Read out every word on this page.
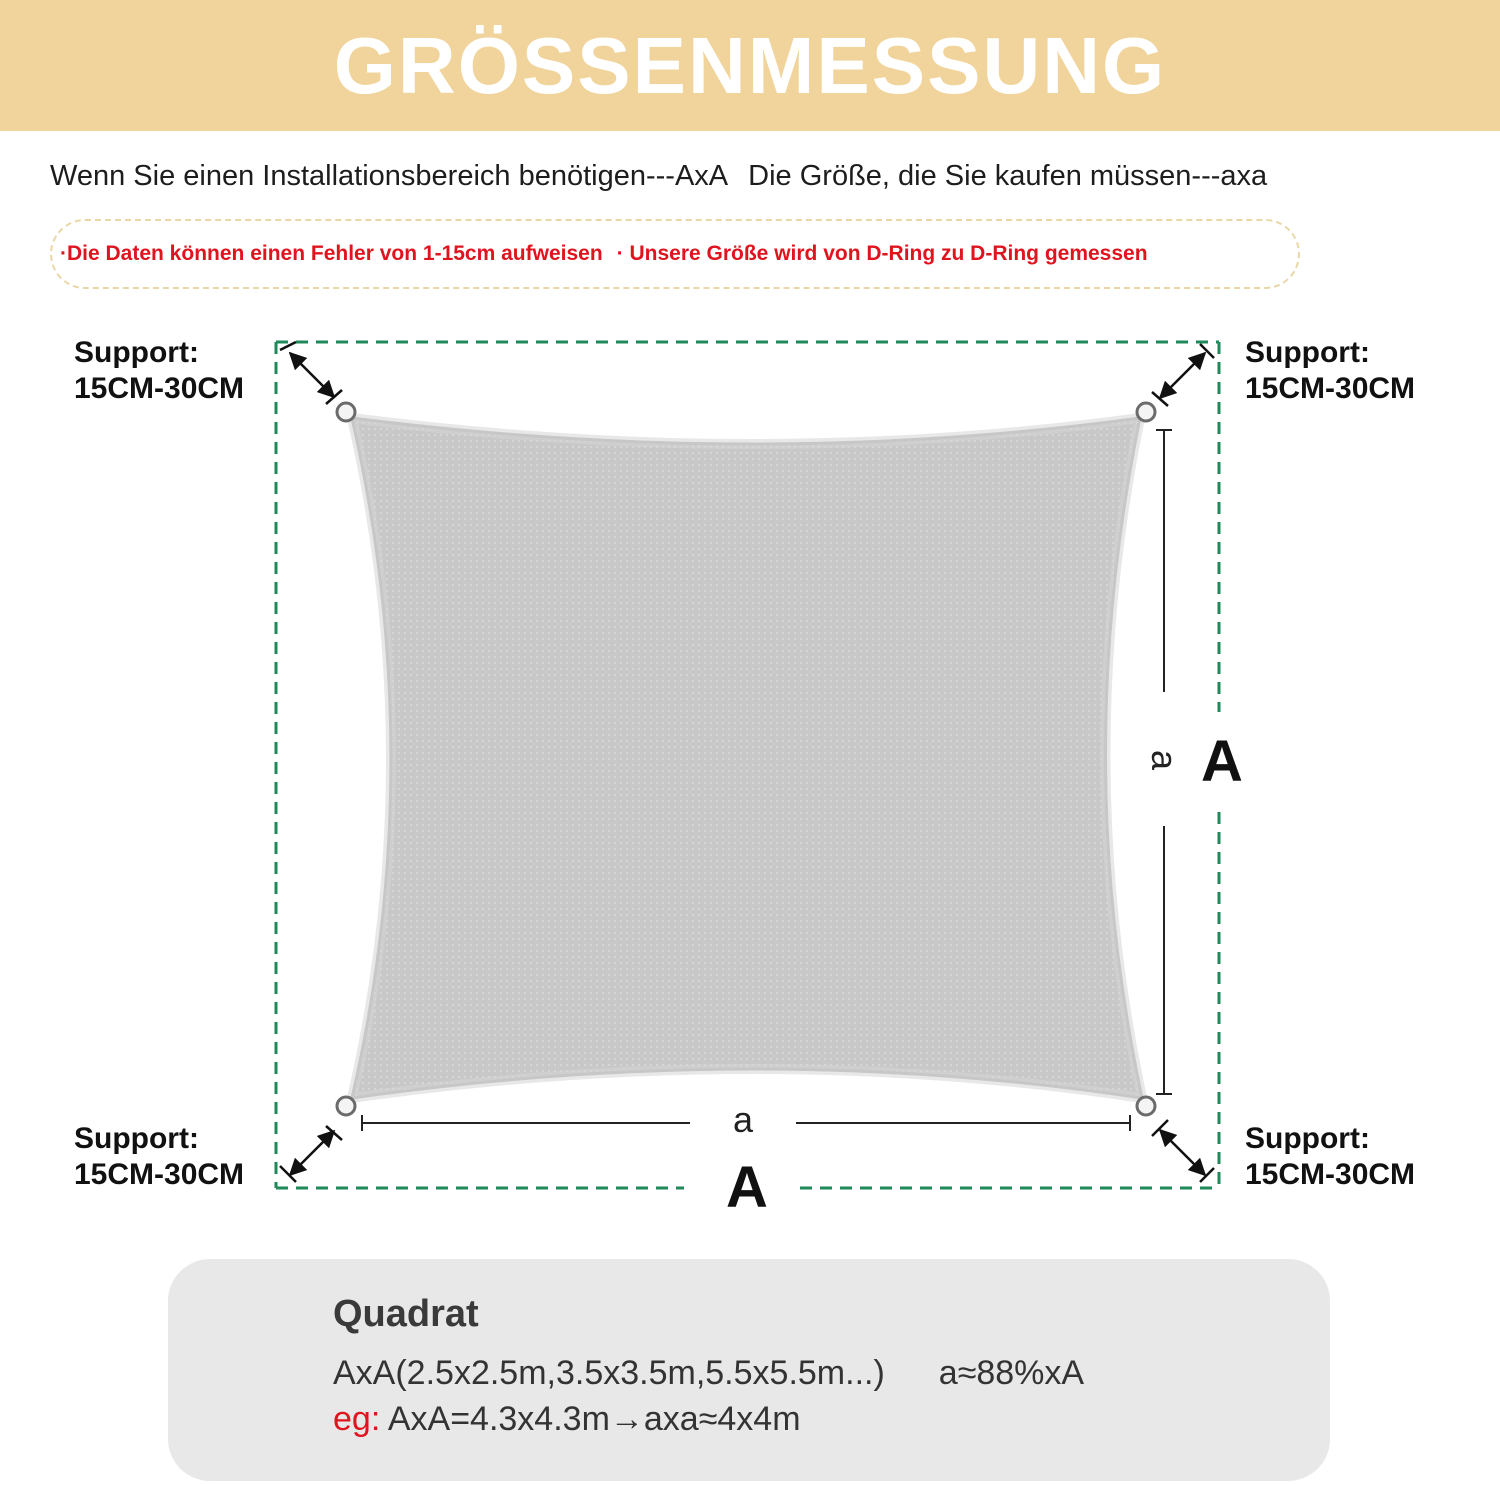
GRÖSSENMESSUNG
Wenn Sie einen Installationsbereich benötigen---AxA Die Größe, die Sie kaufen müssen---axa
·Die Daten können einen Fehler von 1-15cm aufweisen · Unsere Größe wird von D-Ring zu D-Ring gemessen
a
a
A
A
Support:
15CM-30CM
Support:
15CM-30CM
Support:
15CM-30CM
Support:
15CM-30CM
Quadrat
AxA(2.5x2.5m,3.5x3.5m,5.5x5.5m...) a≈88%xA
eg: AxA=4.3x4.3m→axa≈4x4m
